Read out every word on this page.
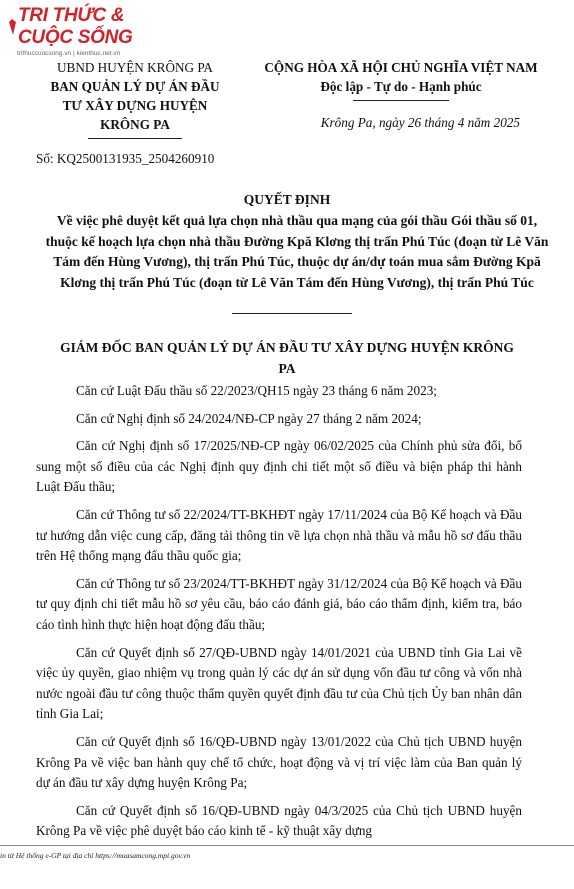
TRI THỨC & CUỘC SỐNG
trithuccuocsong.vn | kienthuc.net.vn
UBND HUYỆN KRÔNG PA
BAN QUẢN LÝ DỰ ÁN ĐẦU
TƯ XÂY DỰNG HUYỆN
KRÔNG PA
CỘNG HÒA XÃ HỘI CHỦ NGHĨA VIỆT NAM
Độc lập - Tự do - Hạnh phúc
Krông Pa, ngày 26 tháng 4 năm 2025
Số: KQ2500131935_2504260910
QUYẾT ĐỊNH
Về việc phê duyệt kết quả lựa chọn nhà thầu qua mạng của gói thầu Gói thầu số 01, thuộc kế hoạch lựa chọn nhà thầu Đường Kpă Klơng thị trấn Phú Túc (đoạn từ Lê Văn Tám đến Hùng Vương), thị trấn Phú Túc, thuộc dự án/dự toán mua sắm Đường Kpă Klơng thị trấn Phú Túc (đoạn từ Lê Văn Tám đến Hùng Vương), thị trấn Phú Túc
GIÁM ĐỐC BAN QUẢN LÝ DỰ ÁN ĐẦU TƯ XÂY DỰNG HUYỆN KRÔNG PA

Căn cứ Luật Đấu thầu số 22/2023/QH15 ngày 23 tháng 6 năm 2023;

Căn cứ Nghị định số 24/2024/NĐ-CP ngày 27 tháng 2 năm 2024;

Căn cứ Nghị định số 17/2025/NĐ-CP ngày 06/02/2025 của Chính phủ sửa đổi, bổ sung một số điều của các Nghị định quy định chi tiết một số điều và biện pháp thi hành Luật Đấu thầu;

Căn cứ Thông tư số 22/2024/TT-BKHĐT ngày 17/11/2024 của Bộ Kế hoạch và Đầu tư hướng dẫn việc cung cấp, đăng tải thông tin về lựa chọn nhà thầu và mẫu hồ sơ đấu thầu trên Hệ thống mạng đấu thầu quốc gia;

Căn cứ Thông tư số 23/2024/TT-BKHĐT ngày 31/12/2024 của Bộ Kế hoạch và Đầu tư quy định chi tiết mẫu hồ sơ yêu cầu, báo cáo đánh giá, báo cáo thẩm định, kiểm tra, báo cáo tình hình thực hiện hoạt động đấu thầu;

Căn cứ Quyết định số 27/QĐ-UBND ngày 14/01/2021 của UBND tỉnh Gia Lai về việc ủy quyền, giao nhiệm vụ trong quản lý các dự án sử dụng vốn đầu tư công và vốn nhà nước ngoài đầu tư công thuộc thẩm quyền quyết định đầu tư của Chủ tịch Ủy ban nhân dân tỉnh Gia Lai;

Căn cứ Quyết định số 16/QĐ-UBND ngày 13/01/2022 của Chủ tịch UBND huyện Krông Pa về việc ban hành quy chế tổ chức, hoạt động và vị trí việc làm của Ban quản lý dự án đầu tư xây dựng huyện Krông Pa;

Căn cứ Quyết định số 16/QĐ-UBND ngày 04/3/2025 của Chủ tịch UBND huyện Krông Pa về việc phê duyệt báo cáo kinh tế - kỹ thuật xây dựng

in từ Hệ thống e-GP tại địa chỉ https://muasamcong.mpi.gov.vn
